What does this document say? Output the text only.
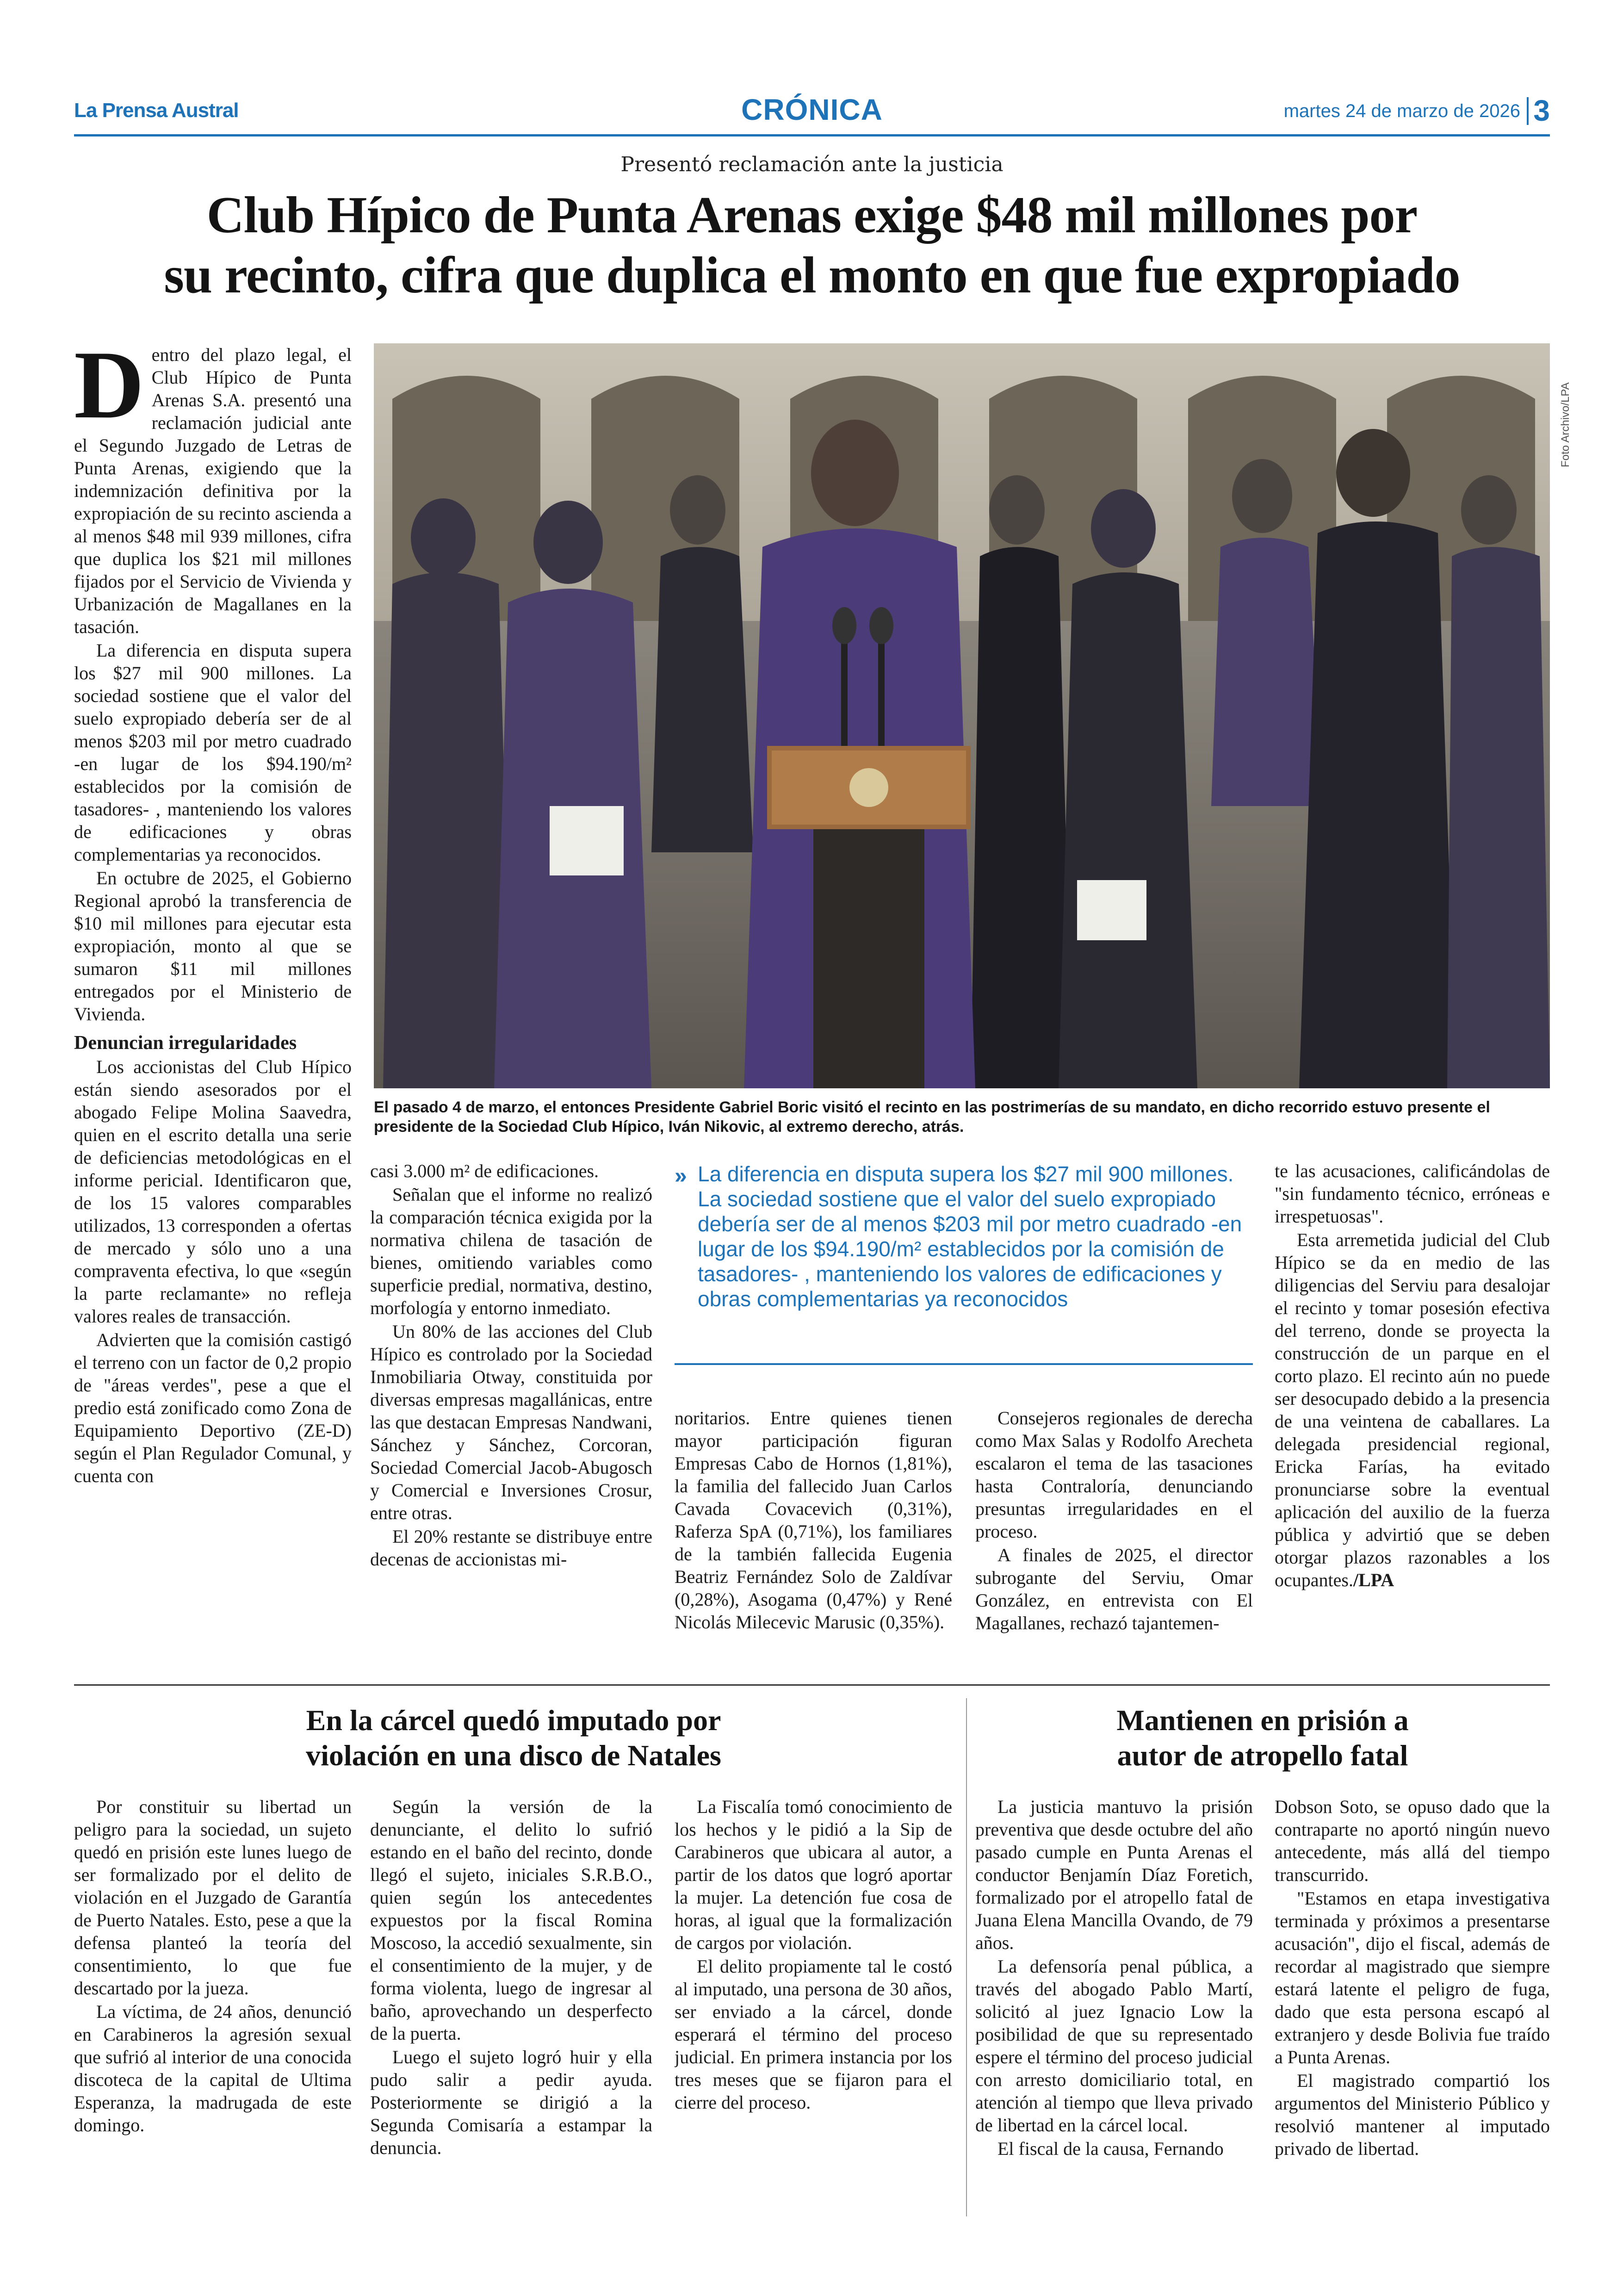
La Prensa Austral	CRÓNICA	martes 24 de marzo de 2026 3
Presentó reclamación ante la justicia
Club Hípico de Punta Arenas exige $48 mil millones por
su recinto, cifra que duplica el monto en que fue expropiado

Dentro del plazo legal, el Club Hípico de Punta Arenas S.A. presentó una reclamación judicial ante el Segundo Juzgado de Letras de Punta Arenas, exigiendo que la indemnización definitiva por la expropiación de su recinto ascienda a al menos $48 mil 939 millones, cifra que duplica los $21 mil millones fijados por el Servicio de Vivienda y Urbanización de Magallanes en la tasación.

La diferencia en disputa supera los $27 mil 900 millones. La sociedad sostiene que el valor del suelo expropiado debería ser de al menos $203 mil por metro cuadrado -en lugar de los $94.190/m² establecidos por la comisión de tasadores- , manteniendo los valores de edificaciones y obras complementarias ya reconocidos.

En octubre de 2025, el Gobierno Regional aprobó la transferencia de $10 mil millones para ejecutar esta expropiación, monto al que se sumaron $11 mil millones entregados por el Ministerio de Vivienda.

Denuncian irregularidades

Los accionistas del Club Hípico están siendo asesorados por el abogado Felipe Molina Saavedra, quien en el escrito detalla una serie de deficiencias metodológicas en el informe pericial. Identificaron que, de los 15 valores comparables utilizados, 13 corresponden a ofertas de mercado y sólo uno a una compraventa efectiva, lo que «según la parte reclamante» no refleja valores reales de transacción.

Advierten que la comisión castigó el terreno con un factor de 0,2 propio de "áreas verdes", pese a que el predio está zonificado como Zona de Equipamiento Deportivo (ZE-D) según el Plan Regulador Comunal, y cuenta con

Foto Archivo/LPA
El pasado 4 de marzo, el entonces Presidente Gabriel Boric visitó el recinto en las postrimerías de su mandato, en dicho recorrido estuvo presente el presidente de la Sociedad Club Hípico, Iván Nikovic, al extremo derecho, atrás.

casi 3.000 m² de edificaciones.

Señalan que el informe no realizó la comparación técnica exigida por la normativa chilena de tasación de bienes, omitiendo variables como superficie predial, normativa, destino, morfología y entorno inmediato.

Un 80% de las acciones del Club Hípico es controlado por la Sociedad Inmobiliaria Otway, constituida por diversas empresas magallánicas, entre las que destacan Empresas Nandwani, Sánchez y Sánchez, Corcoran, Sociedad Comercial Jacob-Abugosch y Comercial e Inversiones Crosur, entre otras.

El 20% restante se distribuye entre decenas de accionistas mi-

» La diferencia en disputa supera los $27 mil 900 millones. La sociedad sostiene que el valor del suelo expropiado debería ser de al menos $203 mil por metro cuadrado -en lugar de los $94.190/m² establecidos por la comisión de tasadores- , manteniendo los valores de edificaciones y obras complementarias ya reconocidos

noritarios. Entre quienes tienen mayor participación figuran Empresas Cabo de Hornos (1,81%), la familia del fallecido Juan Carlos Cavada Covacevich (0,31%), Raferza SpA (0,71%), los familiares de la también fallecida Eugenia Beatriz Fernández Solo de Zaldívar (0,28%), Asogama (0,47%) y René Nicolás Milecevic Marusic (0,35%).

Consejeros regionales de derecha como Max Salas y Rodolfo Arecheta escalaron el tema de las tasaciones hasta Contraloría, denunciando presuntas irregularidades en el proceso.

A finales de 2025, el director subrogante del Serviu, Omar González, en entrevista con El Magallanes, rechazó tajantemen-

te las acusaciones, calificándolas de "sin fundamento técnico, erróneas e irrespetuosas".

Esta arremetida judicial del Club Hípico se da en medio de las diligencias del Serviu para desalojar el recinto y tomar posesión efectiva del terreno, donde se proyecta la construcción de un parque en el corto plazo. El recinto aún no puede ser desocupado debido a la presencia de una veintena de caballares. La delegada presidencial regional, Ericka Farías, ha evitado pronunciarse sobre la eventual aplicación del auxilio de la fuerza pública y advirtió que se deben otorgar plazos razonables a los ocupantes./LPA

En la cárcel quedó imputado por
violación en una disco de Natales

Por constituir su libertad un peligro para la sociedad, un sujeto quedó en prisión este lunes luego de ser formalizado por el delito de violación en el Juzgado de Garantía de Puerto Natales. Esto, pese a que la defensa planteó la teoría del consentimiento, lo que fue descartado por la jueza.

La víctima, de 24 años, denunció en Carabineros la agresión sexual que sufrió al interior de una conocida discoteca de la capital de Ultima Esperanza, la madrugada de este domingo.

Según la versión de la denunciante, el delito lo sufrió estando en el baño del recinto, donde llegó el sujeto, iniciales S.R.B.O., quien según los antecedentes expuestos por la fiscal Romina Moscoso, la accedió sexualmente, sin el consentimiento de la mujer, y de forma violenta, luego de ingresar al baño, aprovechando un desperfecto de la puerta.

Luego el sujeto logró huir y ella pudo salir a pedir ayuda. Posteriormente se dirigió a la Segunda Comisaría a estampar la denuncia.

La Fiscalía tomó conocimiento de los hechos y le pidió a la Sip de Carabineros que ubicara al autor, a partir de los datos que logró aportar la mujer. La detención fue cosa de horas, al igual que la formalización de cargos por violación.

El delito propiamente tal le costó al imputado, una persona de 30 años, ser enviado a la cárcel, donde esperará el término del proceso judicial. En primera instancia por los tres meses que se fijaron para el cierre del proceso.

Mantienen en prisión a
autor de atropello fatal

La justicia mantuvo la prisión preventiva que desde octubre del año pasado cumple en Punta Arenas el conductor Benjamín Díaz Foretich, formalizado por el atropello fatal de Juana Elena Mancilla Ovando, de 79 años.

La defensoría penal pública, a través del abogado Pablo Martí, solicitó al juez Ignacio Low la posibilidad de que su representado espere el término del proceso judicial con arresto domiciliario total, en atención al tiempo que lleva privado de libertad en la cárcel local.

El fiscal de la causa, Fernando

Dobson Soto, se opuso dado que la contraparte no aportó ningún nuevo antecedente, más allá del tiempo transcurrido.

"Estamos en etapa investigativa terminada y próximos a presentarse acusación", dijo el fiscal, además de recordar al magistrado que siempre estará latente el peligro de fuga, dado que esta persona escapó al extranjero y desde Bolivia fue traído a Punta Arenas.

El magistrado compartió los argumentos del Ministerio Público y resolvió mantener al imputado privado de libertad.
